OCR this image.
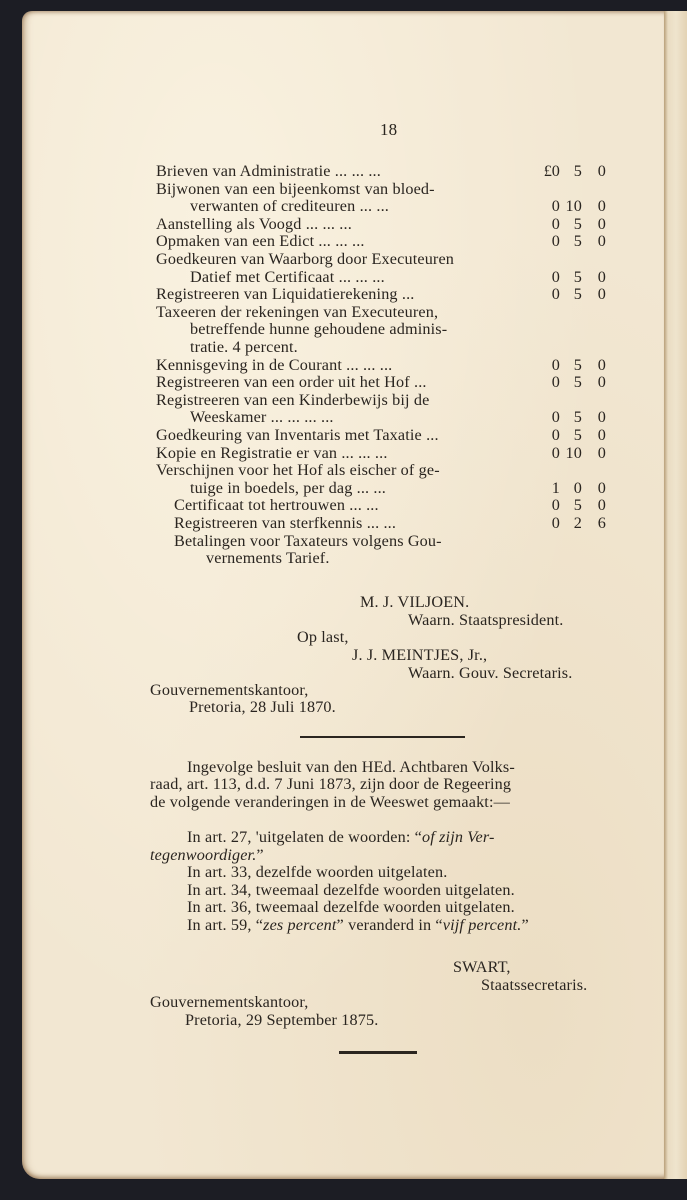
18
Brieven van Administratie ... ... ...	£ 0 5 0
Bijwonen van een bijeenkomst van bloed-
verwanten of crediteuren ... ...	0 10 0
Aanstelling als Voogd ... ... ...	0 5 0
Opmaken van een Edict ... ... ...	0 5 0
Goedkeuren van Waarborg door Executeuren
Datief met Certificaat ... ... ...	0 5 0
Registreeren van Liquidatierekening ...	0 5 0
Taxeeren der rekeningen van Executeuren,
betreffende hunne gehoudene adminis-
tratie. 4 percent.
Kennisgeving in de Courant ... ... ...	0 5 0
Registreeren van een order uit het Hof ...	0 5 0
Registreeren van een Kinderbewijs bij de
Weeskamer ... ... ... ...	0 5 0
Goedkeuring van Inventaris met Taxatie ...	0 5 0
Kopie en Registratie er van ... ... ...	0 10 0
Verschijnen voor het Hof als eischer of ge-
tuige in boedels, per dag ... ...	1 0 0
Certificaat tot hertrouwen ... ...	0 5 0
Registreeren van sterfkennis ... ...	0 2 6
Betalingen voor Taxateurs volgens Gou-
vernements Tarief.
M. J. VILJOEN.
Waarn. Staatspresident.
Op last,
J. J. MEINTJES, Jr.,
Waarn. Gouv. Secretaris.
Gouvernementskantoor,
Pretoria, 28 Juli 1870.
Ingevolge besluit van den HEd. Achtbaren Volks-
raad, art. 113, d.d. 7 Juni 1873, zijn door de Regeering
de volgende veranderingen in de Weeswet gemaakt:—
In art. 27, 'uitgelaten de woorden: “of zijn Ver-
tegenwoordiger.”
In art. 33, dezelfde woorden uitgelaten.
In art. 34, tweemaal dezelfde woorden uitgelaten.
In art. 36, tweemaal dezelfde woorden uitgelaten.
In art. 59, “zes percent” veranderd in “vijf percent.”
SWART,
Staatssecretaris.
Gouvernementskantoor,
Pretoria, 29 September 1875.
